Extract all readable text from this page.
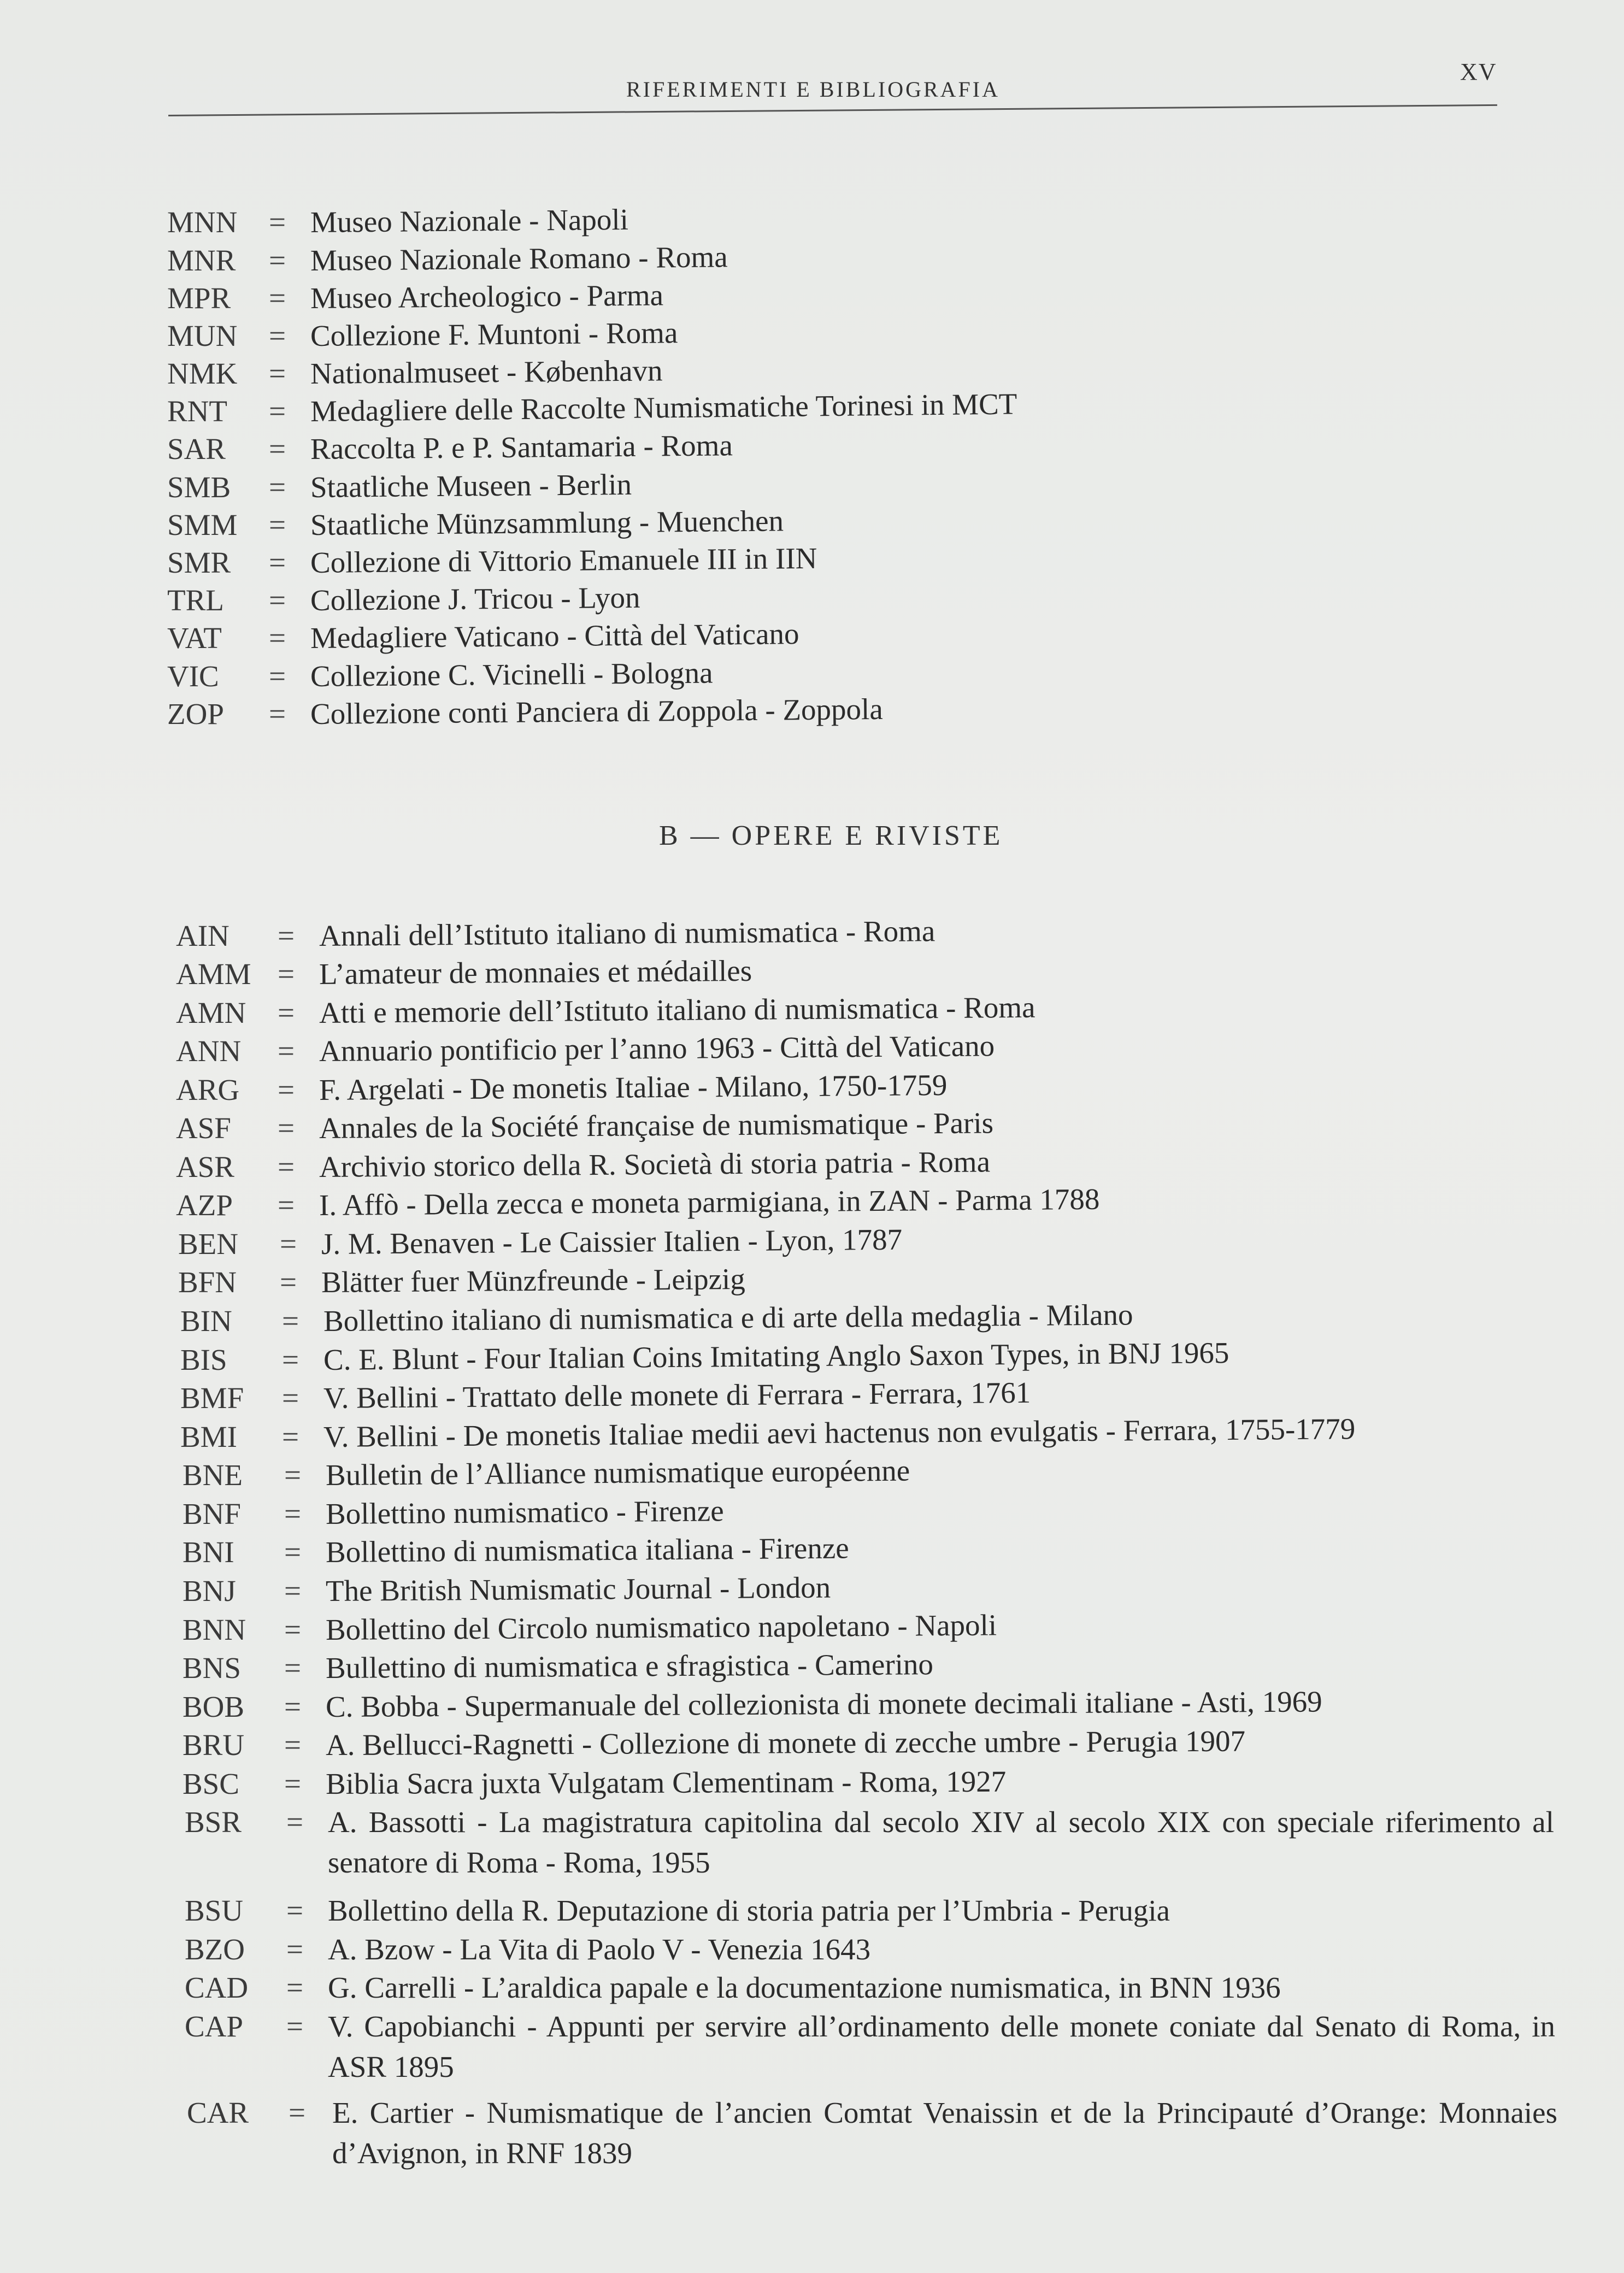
RIFERIMENTI E BIBLIOGRAFIA
XV
MNN = Museo Nazionale - Napoli
MNR = Museo Nazionale Romano - Roma
MPR = Museo Archeologico - Parma
MUN = Collezione F. Muntoni - Roma
NMK = Nationalmuseet - København
RNT = Medagliere delle Raccolte Numismatiche Torinesi in MCT
SAR = Raccolta P. e P. Santamaria - Roma
SMB = Staatliche Museen - Berlin
SMM = Staatliche Münzsammlung - Muenchen
SMR = Collezione di Vittorio Emanuele III in IIN
TRL = Collezione J. Tricou - Lyon
VAT = Medagliere Vaticano - Città del Vaticano
VIC = Collezione C. Vicinelli - Bologna
ZOP = Collezione conti Panciera di Zoppola - Zoppola
B — OPERE E RIVISTE
AIN = Annali dell’Istituto italiano di numismatica - Roma
AMM = L’amateur de monnaies et médailles
AMN = Atti e memorie dell’Istituto italiano di numismatica - Roma
ANN = Annuario pontificio per l’anno 1963 - Città del Vaticano
ARG = F. Argelati - De monetis Italiae - Milano, 1750-1759
ASF = Annales de la Société française de numismatique - Paris
ASR = Archivio storico della R. Società di storia patria - Roma
AZP = I. Affò - Della zecca e moneta parmigiana, in ZAN - Parma 1788
BEN = J. M. Benaven - Le Caissier Italien - Lyon, 1787
BFN = Blätter fuer Münzfreunde - Leipzig
BIN = Bollettino italiano di numismatica e di arte della medaglia - Milano
BIS = C. E. Blunt - Four Italian Coins Imitating Anglo Saxon Types, in BNJ 1965
BMF = V. Bellini - Trattato delle monete di Ferrara - Ferrara, 1761
BMI = V. Bellini - De monetis Italiae medii aevi hactenus non evulgatis - Ferrara, 1755-1779
BNE = Bulletin de l’Alliance numismatique européenne
BNF = Bollettino numismatico - Firenze
BNI = Bollettino di numismatica italiana - Firenze
BNJ = The British Numismatic Journal - London
BNN = Bollettino del Circolo numismatico napoletano - Napoli
BNS = Bullettino di numismatica e sfragistica - Camerino
BOB = C. Bobba - Supermanuale del collezionista di monete decimali italiane - Asti, 1969
BRU = A. Bellucci-Ragnetti - Collezione di monete di zecche umbre - Perugia 1907
BSC = Biblia Sacra juxta Vulgatam Clementinam - Roma, 1927
BSR = A. Bassotti - La magistratura capitolina dal secolo XIV al secolo XIX con speciale riferimento al senatore di Roma - Roma, 1955
BSU = Bollettino della R. Deputazione di storia patria per l’Umbria - Perugia
BZO = A. Bzow - La Vita di Paolo V - Venezia 1643
CAD = G. Carrelli - L’araldica papale e la documentazione numismatica, in BNN 1936
CAP = V. Capobianchi - Appunti per servire all’ordinamento delle monete coniate dal Senato di Roma, in ASR 1895
CAR = E. Cartier - Numismatique de l’ancien Comtat Venaissin et de la Principauté d’Orange: Monnaies d’Avignon, in RNF 1839
